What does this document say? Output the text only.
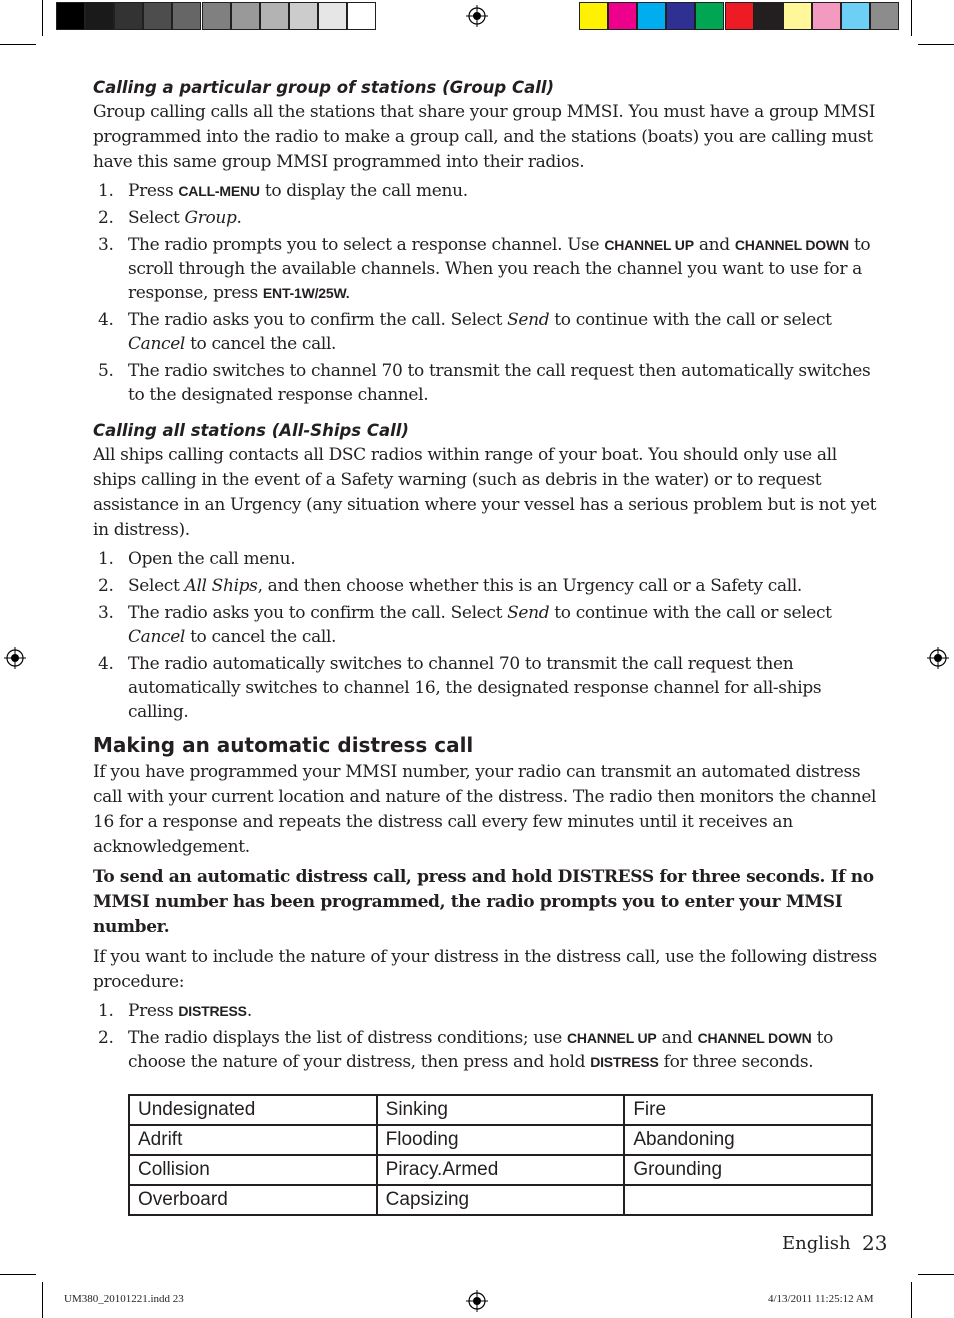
Calling a particular group of stations (Group Call)

Group calling calls all the stations that share your group MMSI. You must have a group MMSI programmed into the radio to make a group call, and the stations (boats) you are calling must have this same group MMSI programmed into their radios.

1. Press CALL-MENU to display the call menu.
2. Select Group.
3. The radio prompts you to select a response channel. Use CHANNEL UP and CHANNEL DOWN to scroll through the available channels. When you reach the channel you want to use for a response, press ENT-1W/25W.
4. The radio asks you to confirm the call. Select Send to continue with the call or select Cancel to cancel the call.
5. The radio switches to channel 70 to transmit the call request then automatically switches to the designated response channel.

Calling all stations (All-Ships Call)

All ships calling contacts all DSC radios within range of your boat. You should only use all ships calling in the event of a Safety warning (such as debris in the water) or to request assistance in an Urgency (any situation where your vessel has a serious problem but is not yet in distress).

1. Open the call menu.
2. Select All Ships, and then choose whether this is an Urgency call or a Safety call.
3. The radio asks you to confirm the call. Select Send to continue with the call or select Cancel to cancel the call.
4. The radio automatically switches to channel 70 to transmit the call request then automatically switches to channel 16, the designated response channel for all-ships calling.
Making an automatic distress call

If you have programmed your MMSI number, your radio can transmit an automated distress call with your current location and nature of the distress. The radio then monitors the channel 16 for a response and repeats the distress call every few minutes until it receives an acknowledgement.

To send an automatic distress call, press and hold DISTRESS for three seconds. If no MMSI number has been programmed, the radio prompts you to enter your MMSI number.

If you want to include the nature of your distress in the distress call, use the following distress procedure:

1. Press DISTRESS.
2. The radio displays the list of distress conditions; use CHANNEL UP and CHANNEL DOWN to choose the nature of your distress, then press and hold DISTRESS for three seconds.
Undesignated	Sinking	Fire
Adrift	Flooding	Abandoning
Collision	Piracy.Armed	Grounding
Overboard	Capsizing	
English 23
UM380_20101221.indd 23	4/13/2011 11:25:12 AM
